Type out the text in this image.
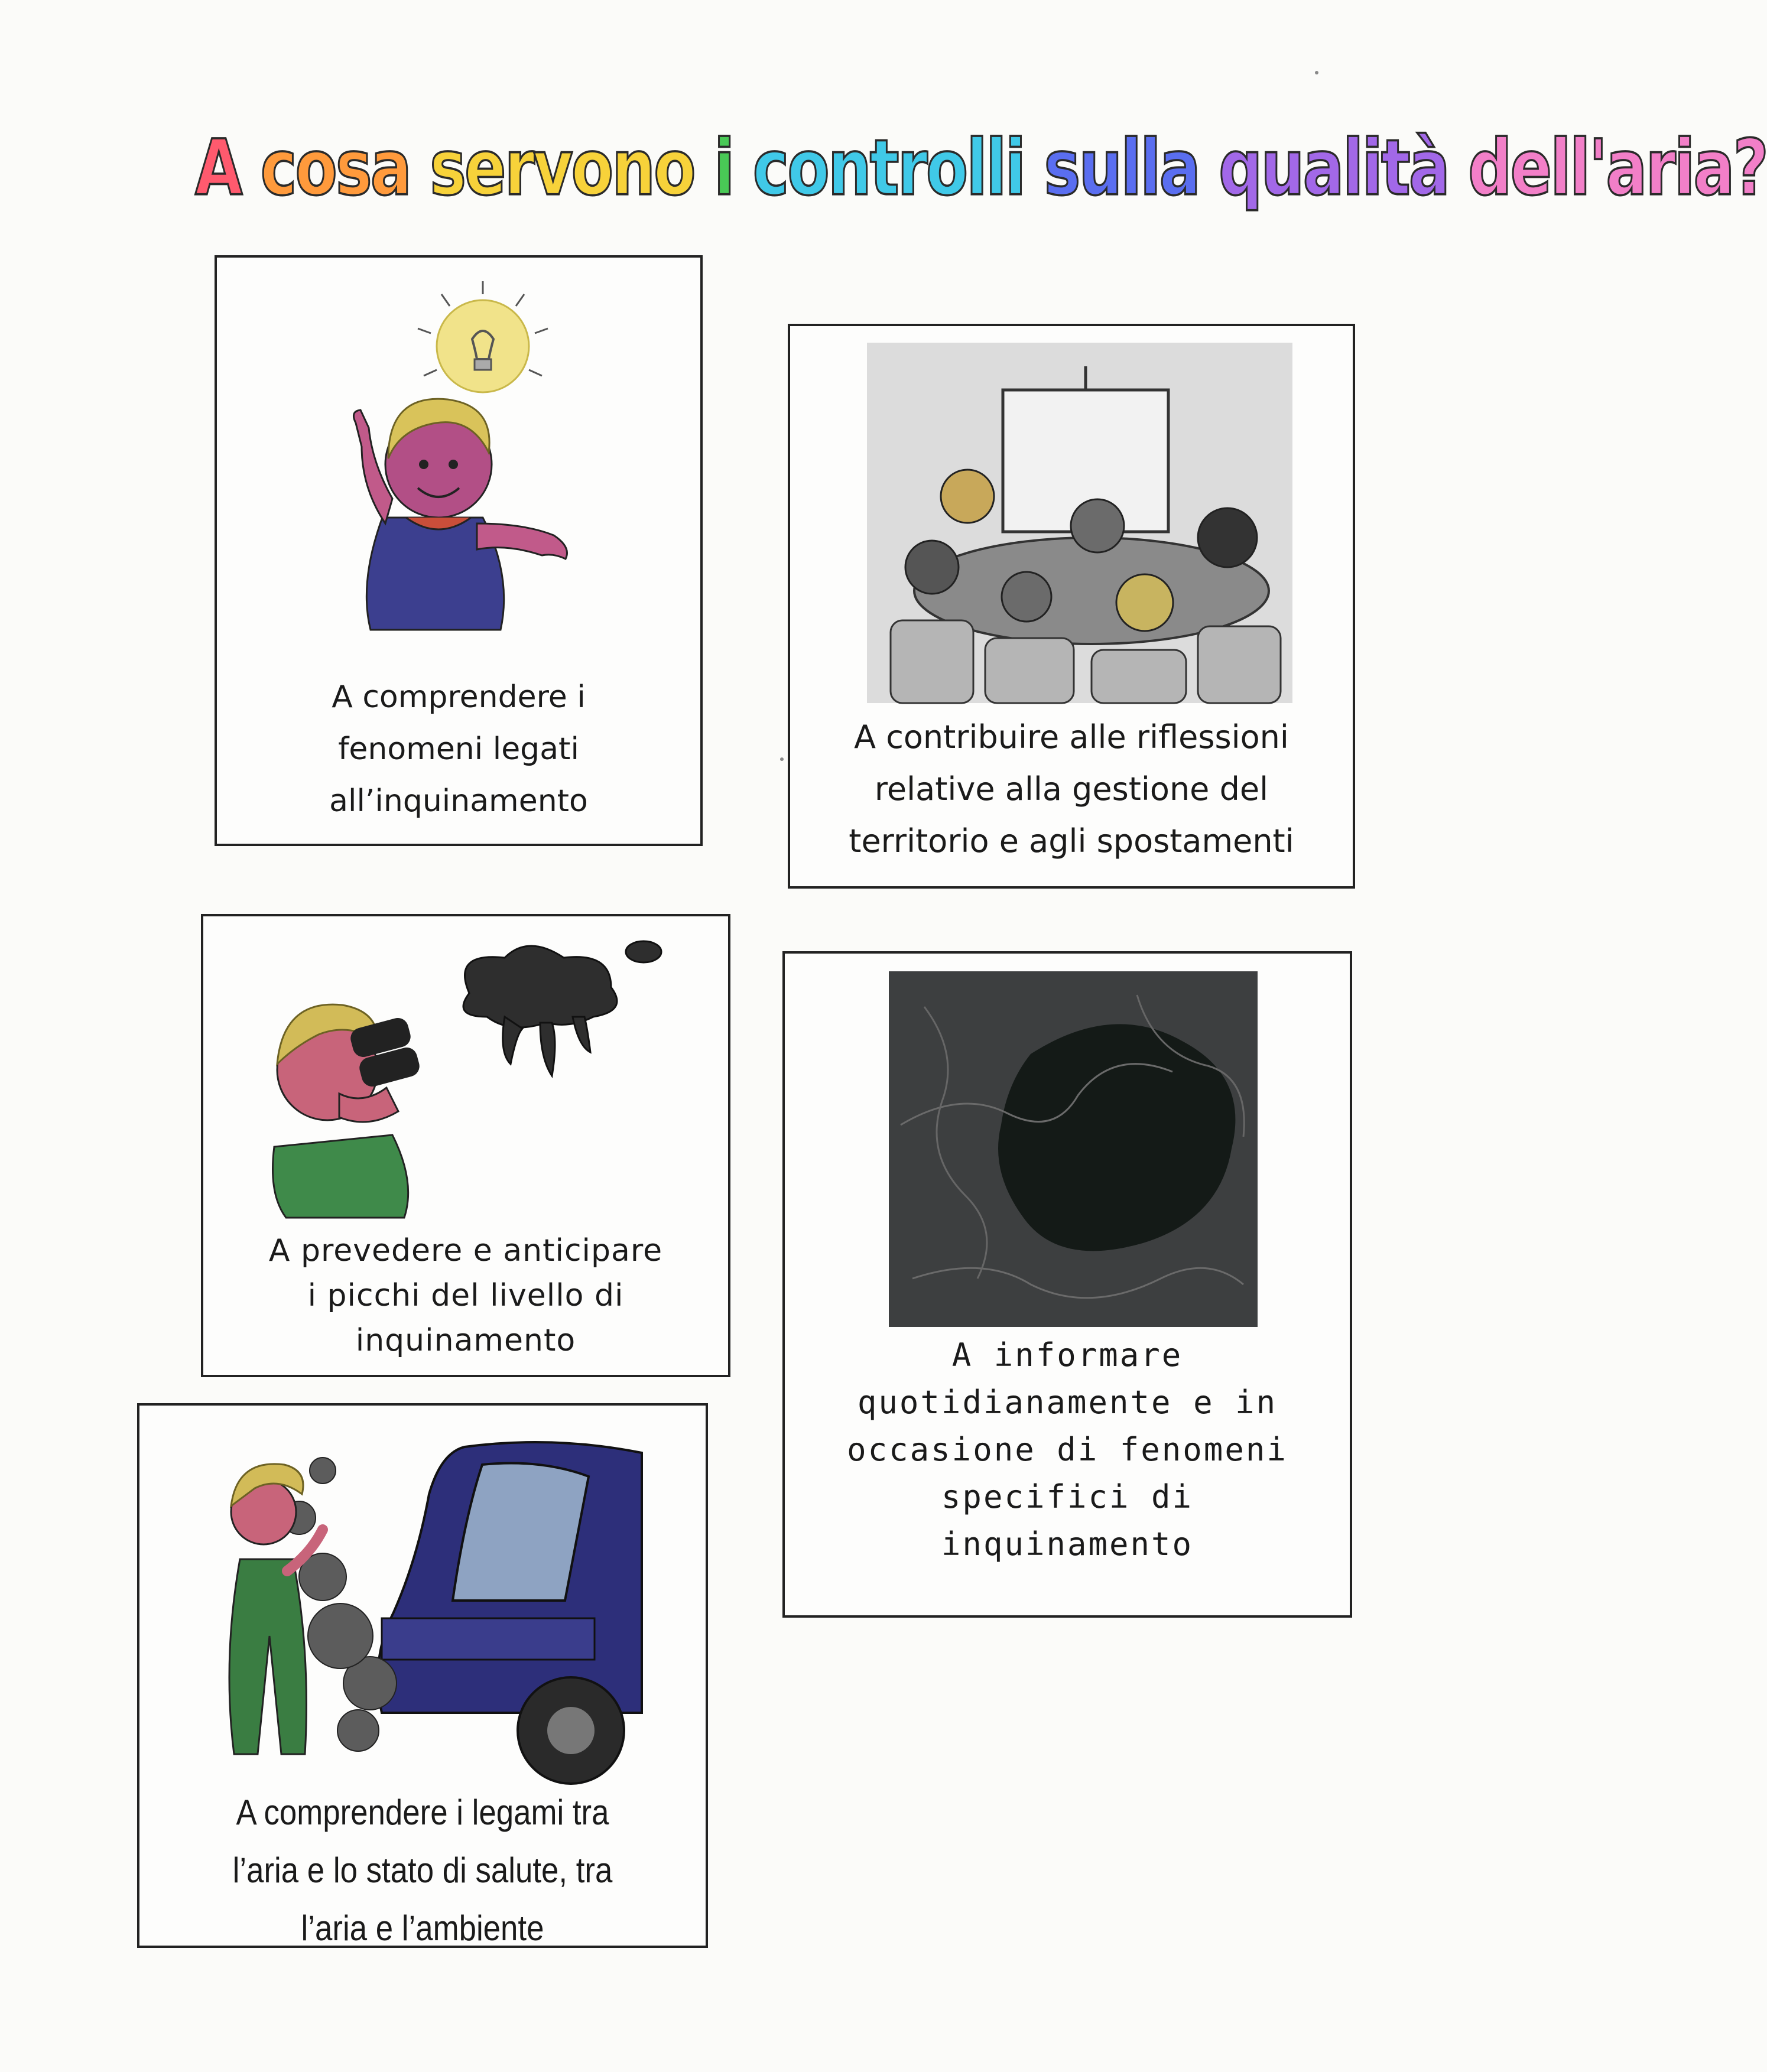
A cosa servono i controlli sulla qualità dell'aria?
A comprendere i
fenomeni legati
all’inquinamento
A contribuire alle riflessioni
relative alla gestione del
territorio e agli spostamenti
A prevedere e anticipare
i picchi del livello di
inquinamento	A informare
quotidianamente e in
occasione di fenomeni
specifici di
inquinamento
A comprendere i legami tra
l’aria e lo stato di salute, tra
l’aria e l’ambiente
